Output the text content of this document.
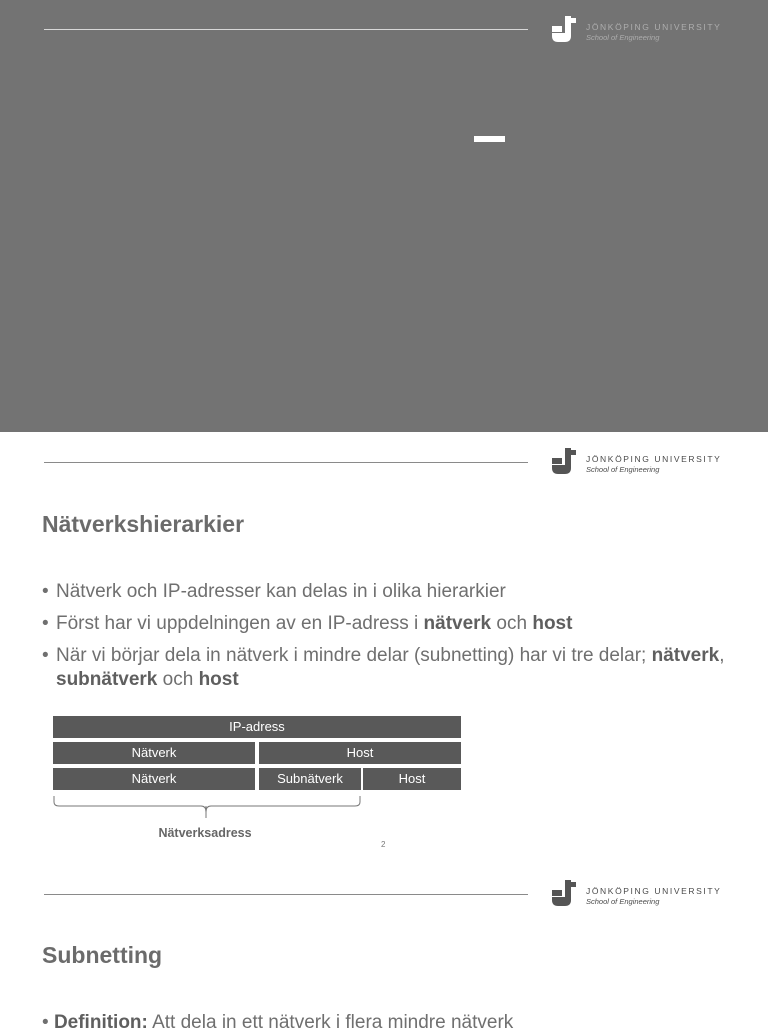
JÖNKÖPING UNIVERSITY
School of Engineering
JÖNKÖPING UNIVERSITY
School of Engineering
Nätverkshierarkier
• Nätverk och IP-adresser kan delas in i olika hierarkier
• Först har vi uppdelningen av en IP-adress i nätverk och host
• När vi börjar dela in nätverk i mindre delar (subnetting) har vi tre delar; nätverk, subnätverk och host
IP-adress
Nätverk	Host
Nätverk	Subnätverk	Host
Nätverksadress
2
JÖNKÖPING UNIVERSITY
School of Engineering
Subnetting
• Definition: Att dela in ett nätverk i flera mindre nätverk
